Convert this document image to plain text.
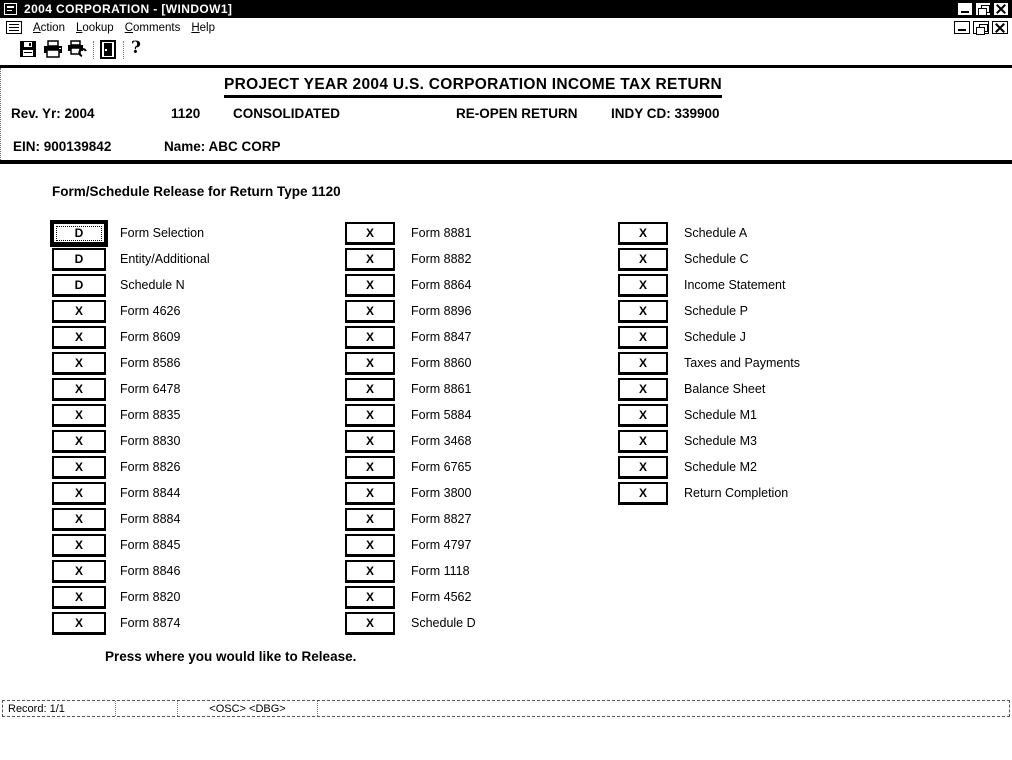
2004 CORPORATION - [WINDOW1]
Action Lookup Comments Help
?
PROJECT YEAR 2004 U.S. CORPORATION INCOME TAX RETURN
Rev. Yr: 2004	1120 CONSOLIDATED	RE-OPEN RETURN INDY CD: 339900
EIN: 900139842	Name: ABC CORP
Form/Schedule Release for Return Type 1120
D	Form Selection
D	Entity/Additional
D	Schedule N
X	Form 4626
X	Form 8609
X	Form 8586
X	Form 6478
X	Form 8835
X	Form 8830
X	Form 8826
X	Form 8844
X	Form 8884
X	Form 8845
X	Form 8846
X	Form 8820
X	Form 8874
X	Form 8881
X	Form 8882
X	Form 8864
X	Form 8896
X	Form 8847
X	Form 8860
X	Form 8861
X	Form 5884
X	Form 3468
X	Form 6765
X	Form 3800
X	Form 8827
X	Form 4797
X	Form 1118
X	Form 4562
X	Schedule D
X	Schedule A
X	Schedule C
X	Income Statement
X	Schedule P
X	Schedule J
X	Taxes and Payments
X	Balance Sheet
X	Schedule M1
X	Schedule M3
X	Schedule M2
X	Return Completion
Press where you would like to Release.
Record: 1/1	<OSC> <DBG>
